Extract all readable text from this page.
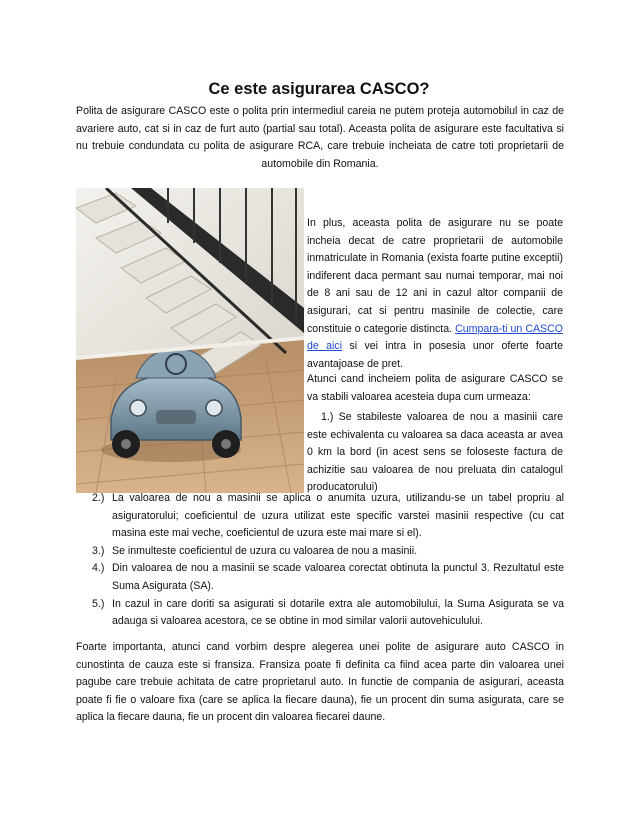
Ce este asigurarea CASCO?

Polita de asigurare CASCO este o polita prin intermediul careia ne putem proteja automobilul in caz de avariere auto, cat si in caz de furt auto (partial sau total). Aceasta polita de asigurare este facultativa si nu trebuie condundata cu polita de asigurare RCA, care trebuie incheiata de catre toti proprietarii de automobile din Romania.

In plus, aceasta polita de asigurare nu se poate incheia decat de catre proprietarii de automobile inmatriculate in Romania (exista foarte putine exceptii) indiferent daca permant sau numai temporar, mai noi de 8 ani sau de 12 ani in cazul altor companii de asigurari, cat si pentru masinile de colectie, care constituie o categorie distincta. Cumpara-ti un CASCO de aici si vei intra in posesia unor oferte foarte avantajoase de pret.

Atunci cand incheiem polita de asigurare CASCO se va stabili valoarea acesteia dupa cum urmeaza:

1.) Se stabileste valoarea de nou a masinii care este echivalenta cu valoarea sa daca aceasta ar avea 0 km la bord (in acest sens se foloseste factura de achizitie sau valoarea de nou preluata din catalogul producatorului)

2.) La valoarea de nou a masinii se aplica o anumita uzura, utilizandu-se un tabel propriu al asiguratorului; coeficientul de uzura utilizat este specific varstei masinii respective (cu cat masina este mai veche, coeficientul de uzura este mai mare si el).
3.) Se inmulteste coeficientul de uzura cu valoarea de nou a masinii.
4.) Din valoarea de nou a masinii se scade valoarea corectat obtinuta la punctul 3. Rezultatul este Suma Asigurata (SA).
5.) In cazul in care doriti sa asigurati si dotarile extra ale automobilului, la Suma Asigurata se va adauga si valoarea acestora, ce se obtine in mod similar valorii autovehiculului.

Foarte importanta, atunci cand vorbim despre alegerea unei polite de asigurare auto CASCO in cunostinta de cauza este si fransiza. Fransiza poate fi definita ca fiind acea parte din valoarea unei pagube care trebuie achitata de catre proprietarul auto. In functie de compania de asigurari, aceasta poate fi fie o valoare fixa (care se aplica la fiecare dauna), fie un procent din suma asigurata, care se aplica la fiecare dauna, fie un procent din valoarea fiecarei daune.
